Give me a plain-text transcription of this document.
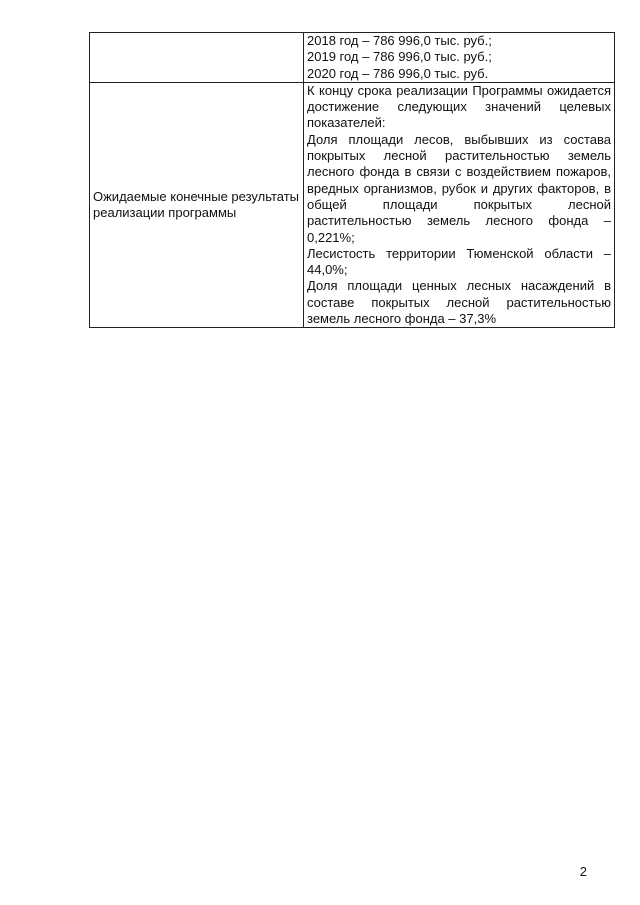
	2018 год – 786 996,0 тыс. руб.;
2019 год – 786 996,0 тыс. руб.;
2020 год – 786 996,0 тыс. руб.

Ожидаемые конечные результаты реализации программы	К концу срока реализации Программы ожидается достижение следующих значений целевых показателей:
Доля площади лесов, выбывших из состава покрытых лесной растительностью земель лесного фонда в связи с воздействием пожаров, вредных организмов, рубок и других факторов, в общей площади покрытых лесной растительностью земель лесного фонда – 0,221%;
Лесистость территории Тюменской области – 44,0%;
Доля площади ценных лесных насаждений в составе покрытых лесной растительностью земель лесного фонда – 37,3%
2
